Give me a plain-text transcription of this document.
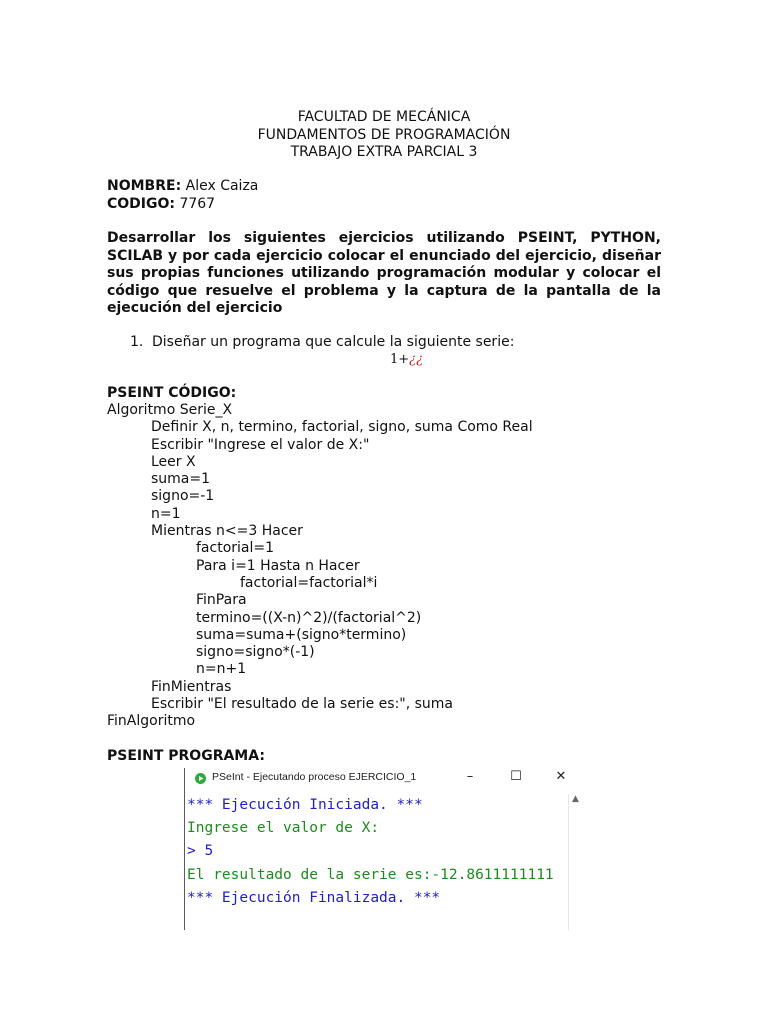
FACULTAD DE MECÁNICA
FUNDAMENTOS DE PROGRAMACIÓN
TRABAJO EXTRA PARCIAL 3
NOMBRE: Alex Caiza
CODIGO: 7767
Desarrollar los siguientes ejercicios utilizando PSEINT, PYTHON, SCILAB y por cada ejercicio colocar el enunciado del ejercicio, diseñar sus propias funciones utilizando programación modular y colocar el código que resuelve el problema y la captura de la pantalla de la ejecución del ejercicio
1. Diseñar un programa que calcule la siguiente serie:
1+¿¿
PSEINT CÓDIGO:
Algoritmo Serie_X
Definir X, n, termino, factorial, signo, suma Como Real
Escribir "Ingrese el valor de X:"
Leer X
suma=1
signo=-1
n=1
Mientras n<=3 Hacer
factorial=1
Para i=1 Hasta n Hacer
factorial=factorial*i
FinPara
termino=((X-n)^2)/(factorial^2)
suma=suma+(signo*termino)
signo=signo*(-1)
n=n+1
FinMientras
Escribir "El resultado de la serie es:", suma
FinAlgoritmo
PSEINT PROGRAMA:
PSeInt - Ejecutando proceso EJERCICIO_1	–	☐	✕
*** Ejecución Iniciada. ***
Ingrese el valor de X:
> 5
El resultado de la serie es:-12.8611111111
*** Ejecución Finalizada. ***
▲
